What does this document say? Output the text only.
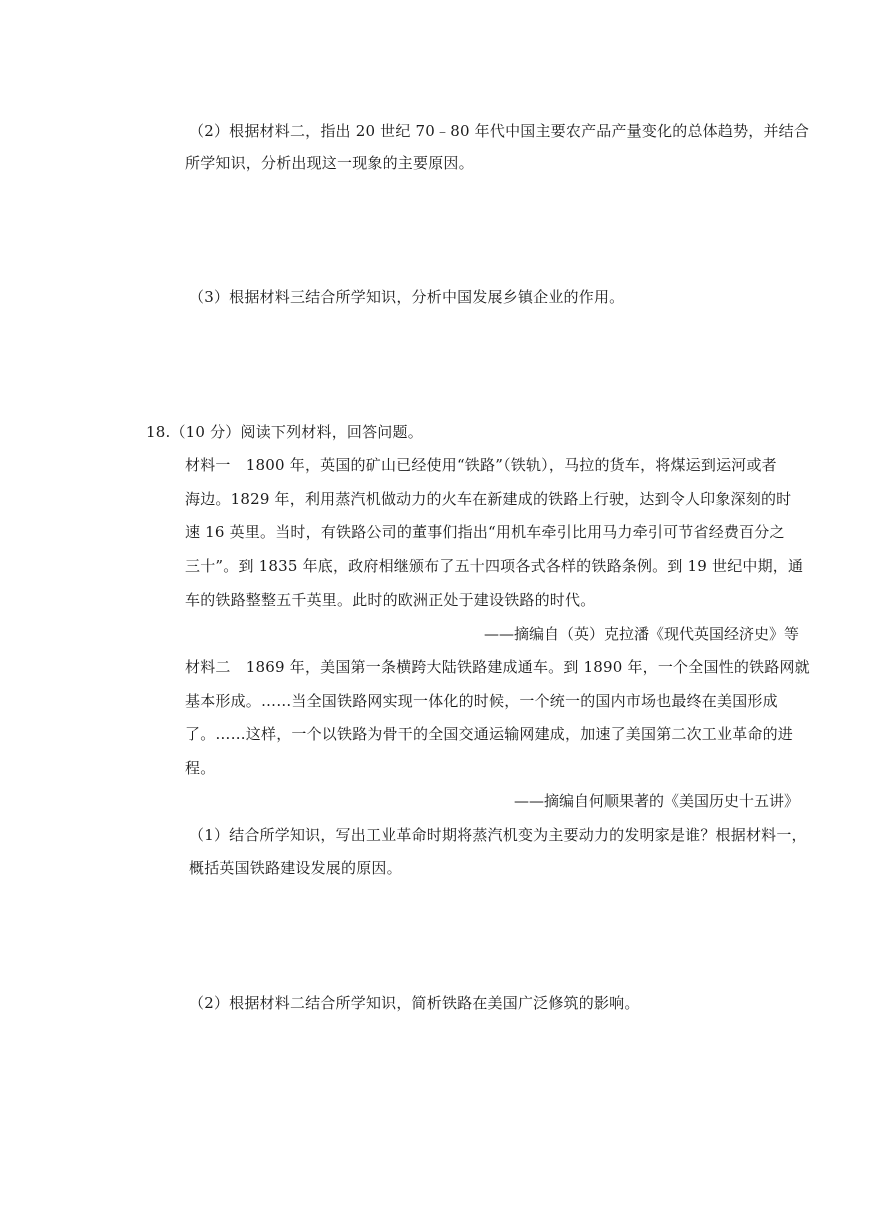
（2）根据材料二，指出 20 世纪 70﹣80 年代中国主要农产品产量变化的总体趋势，并结合
所学知识，分析出现这一现象的主要原因。
（3）根据材料三结合所学知识，分析中国发展乡镇企业的作用。
18.（10 分）阅读下列材料，回答问题。
材料一　1800 年，英国的矿山已经使用“铁路”（铁轨），马拉的货车，将煤运到运河或者
海边。1829 年，利用蒸汽机做动力的火车在新建成的铁路上行驶，达到令人印象深刻的时
速 16 英里。当时，有铁路公司的董事们指出“用机车牵引比用马力牵引可节省经费百分之
三十”。到 1835 年底，政府相继颁布了五十四项各式各样的铁路条例。到 19 世纪中期，通
车的铁路整整五千英里。此时的欧洲正处于建设铁路的时代。
——摘编自（英）克拉潘《现代英国经济史》等
材料二　1869 年，美国第一条横跨大陆铁路建成通车。到 1890 年，一个全国性的铁路网就
基本形成。……当全国铁路网实现一体化的时候，一个统一的国内市场也最终在美国形成
了。……这样，一个以铁路为骨干的全国交通运输网建成，加速了美国第二次工业革命的进
程。
——摘编自何顺果著的《美国历史十五讲》
（1）结合所学知识，写出工业革命时期将蒸汽机变为主要动力的发明家是谁？根据材料一，
概括英国铁路建设发展的原因。
（2）根据材料二结合所学知识，简析铁路在美国广泛修筑的影响。
